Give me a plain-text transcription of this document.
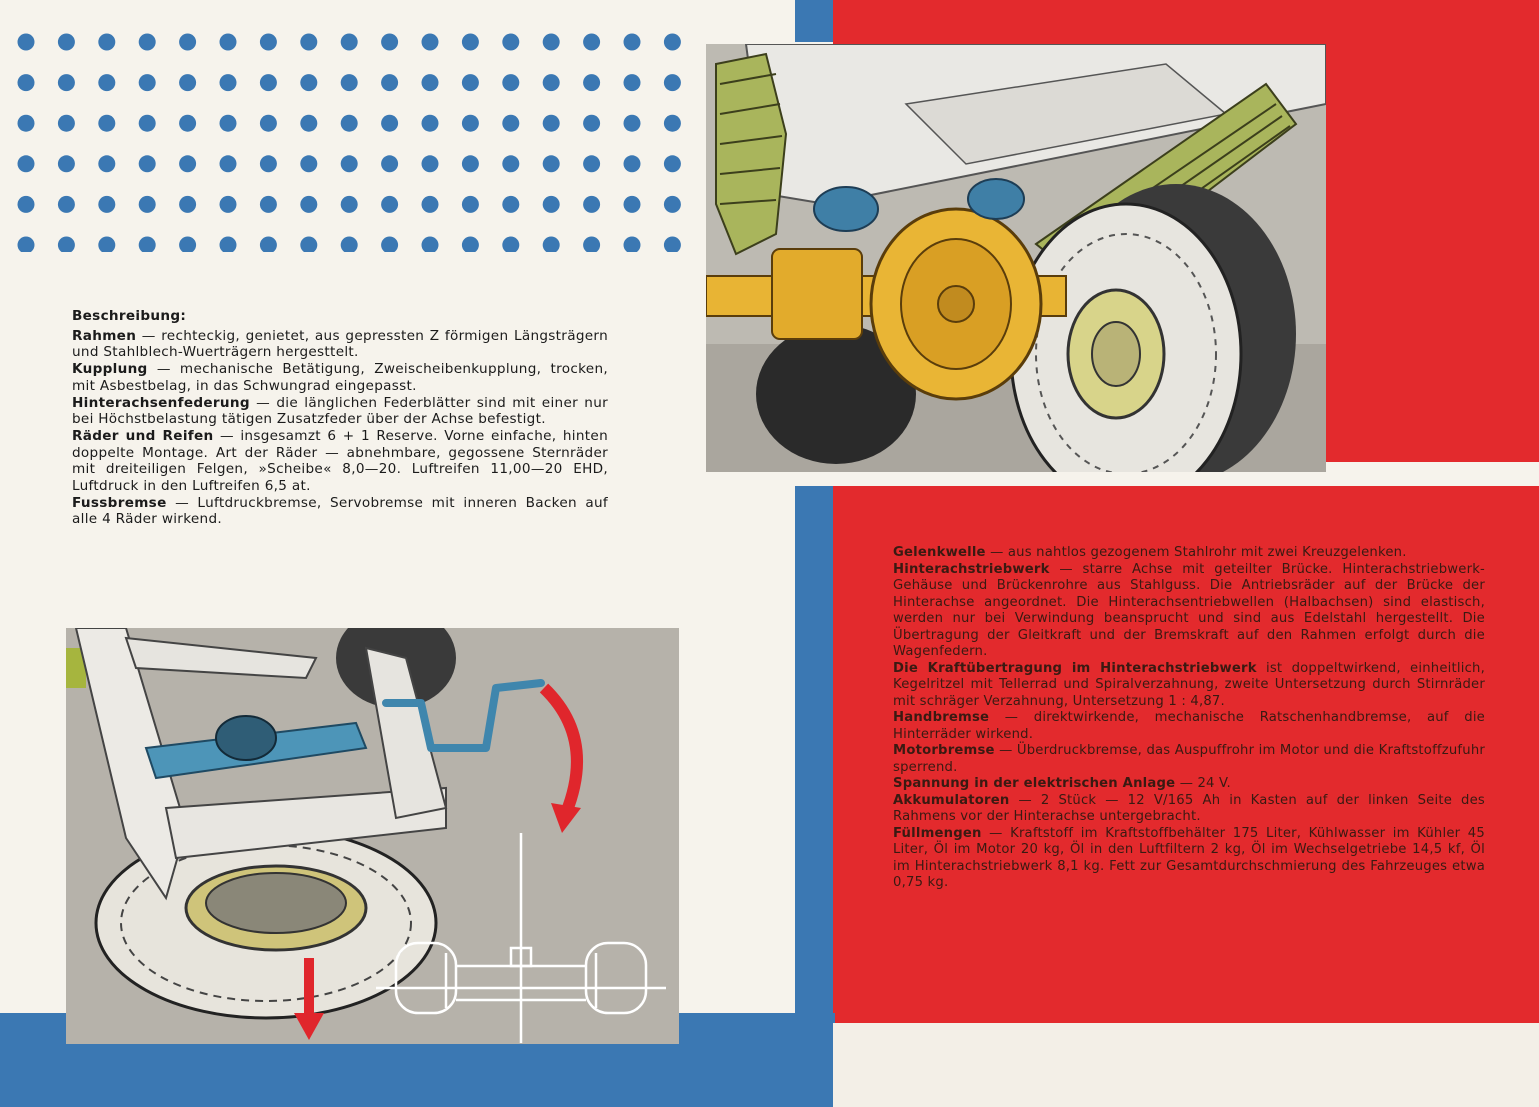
Beschreibung:

Rahmen — rechteckig, genietet, aus gepressten Z förmigen Längsträgern und Stahlblech-Wuerträgern hergesttelt.

Kupplung — mechanische Betätigung, Zweischeibenkupplung, trocken, mit Asbestbelag, in das Schwungrad eingepasst.

Hinterachsenfederung — die länglichen Federblätter sind mit einer nur bei Höchstbelastung tätigen Zusatzfeder über der Achse befestigt.

Räder und Reifen — insgesamzt 6 + 1 Reserve. Vorne einfache, hinten doppelte Montage. Art der Räder — abnehmbare, gegossene Sternräder mit dreiteiligen Felgen, »Scheibe« 8,0—20. Luftreifen 11,00—20 EHD, Luftdruck in den Luftreifen 6,5 at.

Fussbremse — Luftdruckbremse, Servobremse mit inneren Backen auf alle 4 Räder wirkend.

Gelenkwelle — aus nahtlos gezogenem Stahlrohr mit zwei Kreuzgelenken.

Hinterachstriebwerk — starre Achse mit geteilter Brücke. Hinterachstriebwerk-Gehäuse und Brückenrohre aus Stahlguss. Die Antriebsräder auf der Brücke der Hinterachse angeordnet. Die Hinterachsentriebwellen (Halbachsen) sind elastisch, werden nur bei Verwindung beansprucht und sind aus Edelstahl hergestellt. Die Übertragung der Gleitkraft und der Bremskraft auf den Rahmen erfolgt durch die Wagenfedern.

Die Kraftübertragung im Hinterachstriebwerk ist doppeltwirkend, einheitlich, Kegelritzel mit Tellerrad und Spiralverzahnung, zweite Untersetzung durch Stirnräder mit schräger Verzahnung, Untersetzung 1 : 4,87.

Handbremse — direktwirkende, mechanische Ratschenhandbremse, auf die Hinterräder wirkend.

Motorbremse — Überdruckbremse, das Auspuffrohr im Motor und die Kraftstoffzufuhr sperrend.

Spannung in der elektrischen Anlage — 24 V.

Akkumulatoren — 2 Stück — 12 V/165 Ah in Kasten auf der linken Seite des Rahmens vor der Hinterachse untergebracht.

Füllmengen — Kraftstoff im Kraftstoffbehälter 175 Liter, Kühlwasser im Kühler 45 Liter, Öl im Motor 20 kg, Öl in den Luftfiltern 2 kg, Öl im Wechselgetriebe 14,5 kf, Öl im Hinterachstriebwerk 8,1 kg. Fett zur Gesamtdurchschmierung des Fahrzeuges etwa 0,75 kg.
